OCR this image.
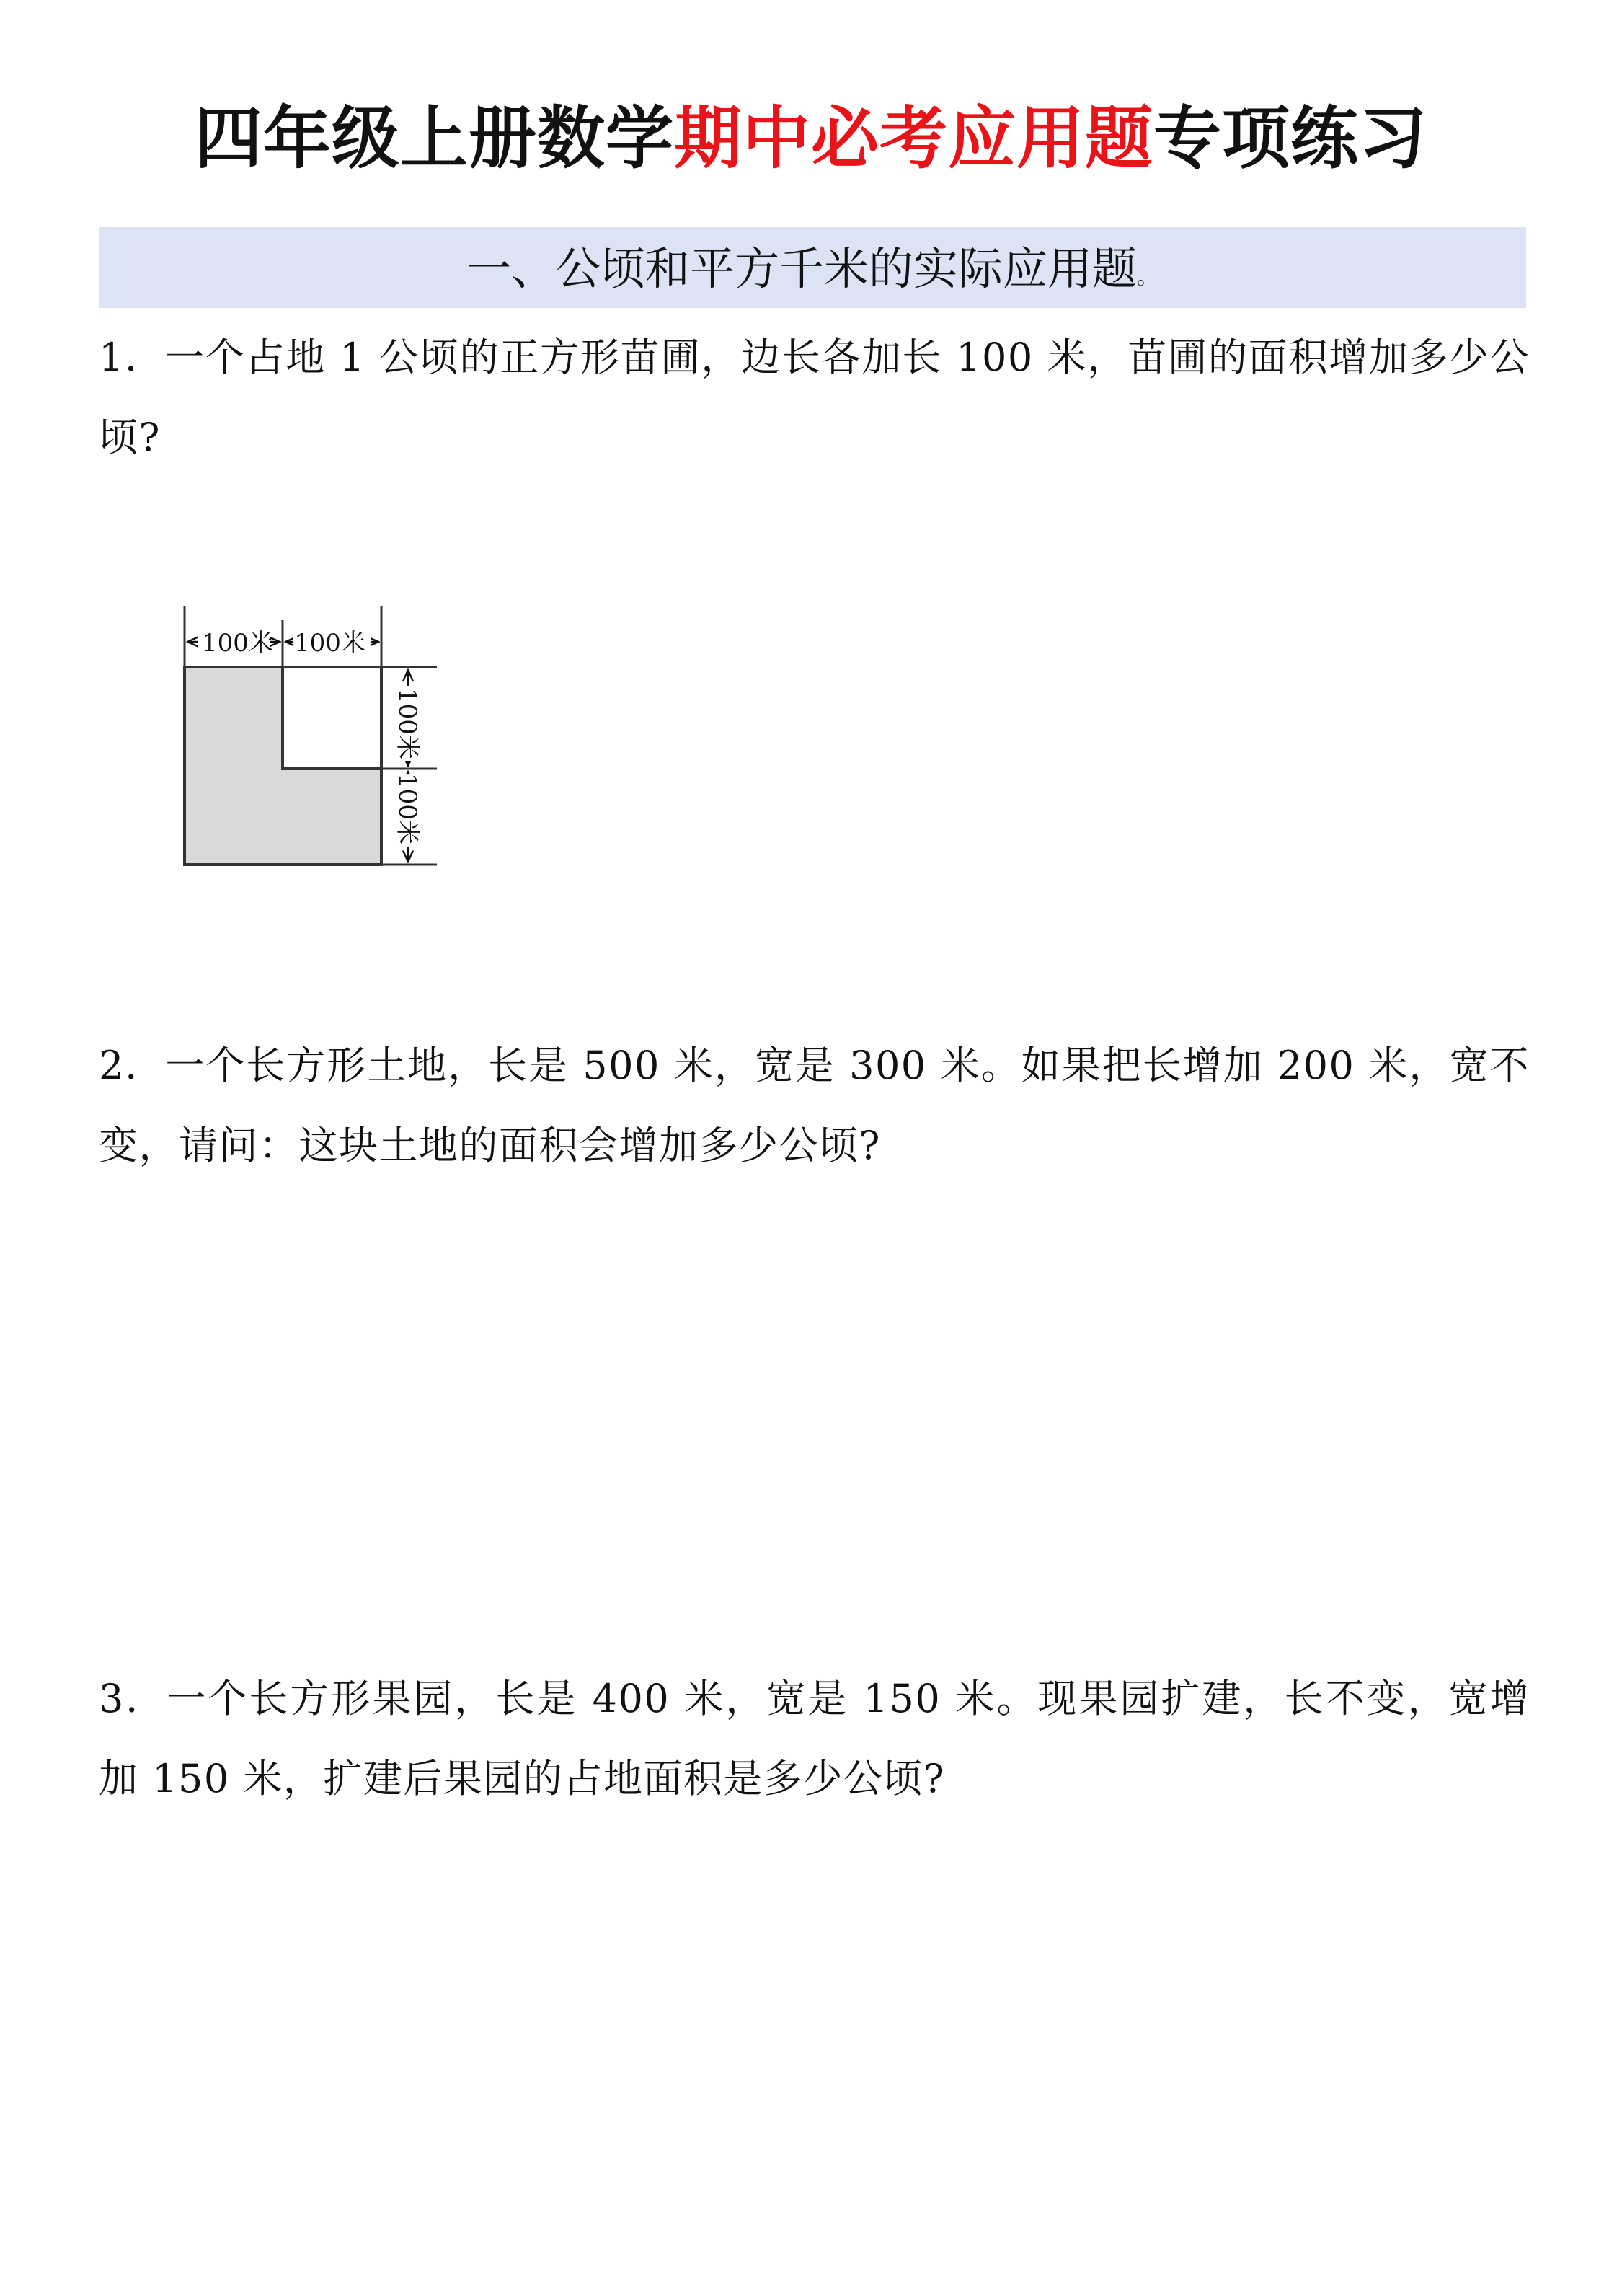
四年级上册数学期中必考应用题专项练习
一、公顷和平方千米的实际应用题。

1．一个占地 1 公顷的正方形苗圃，边长各加长 100 米，苗圃的面积增加多少公顷?

100米 100米
100米
100米

2．一个长方形土地，长是 500 米，宽是 300 米。如果把长增加 200 米，宽不变，请问：这块土地的面积会增加多少公顷?

3．一个长方形果园，长是 400 米，宽是 150 米。现果园扩建，长不变，宽增加 150 米，扩建后果园的占地面积是多少公顷?
